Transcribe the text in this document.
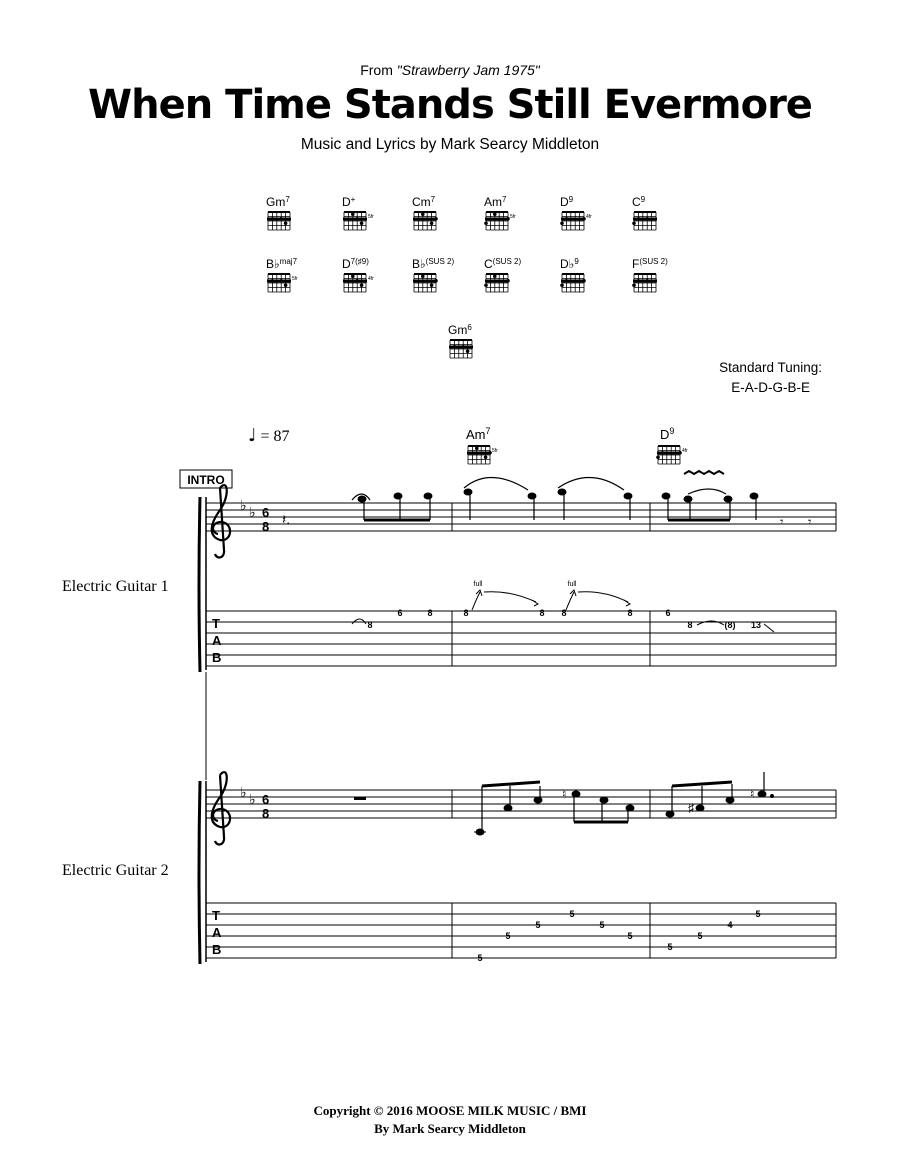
From "Strawberry Jam 1975"
When Time Stands Still Evermore
Music and Lyrics by Mark Searcy Middleton
Gm$^7$	D+
5fr
Cm$^7$	Am$^7$
5fr
$D^9$
4fr
$C^9$
B♭$^{maj7}$
5fr
$D^{7(♯9)}$
4fr
B♭$^{(SUS 2)}$ $C^{(SUS 2)}$	D♭$^9$	$F^{(SUS 2)}$
Gm$^6$
Standard Tuning:
E-A-D-G-B-E
♩ = 87
Electric Guitar 1
Electric Guitar 2
INTRO
Am$^7$
5fr
$D^9$
4fr
♭ ♭ 6
8 𝄽.	𝄾 𝄾
T
A
B
8
6	8	8	8 8	8	6
8	(8) 13
full	full
♭ ♭ 6
8
♮
♯
♮
T
A
B
5
5
5
5
5
5
5
5
4
5
Copyright © 2016 MOOSE MILK MUSIC / BMI
By Mark Searcy Middleton
